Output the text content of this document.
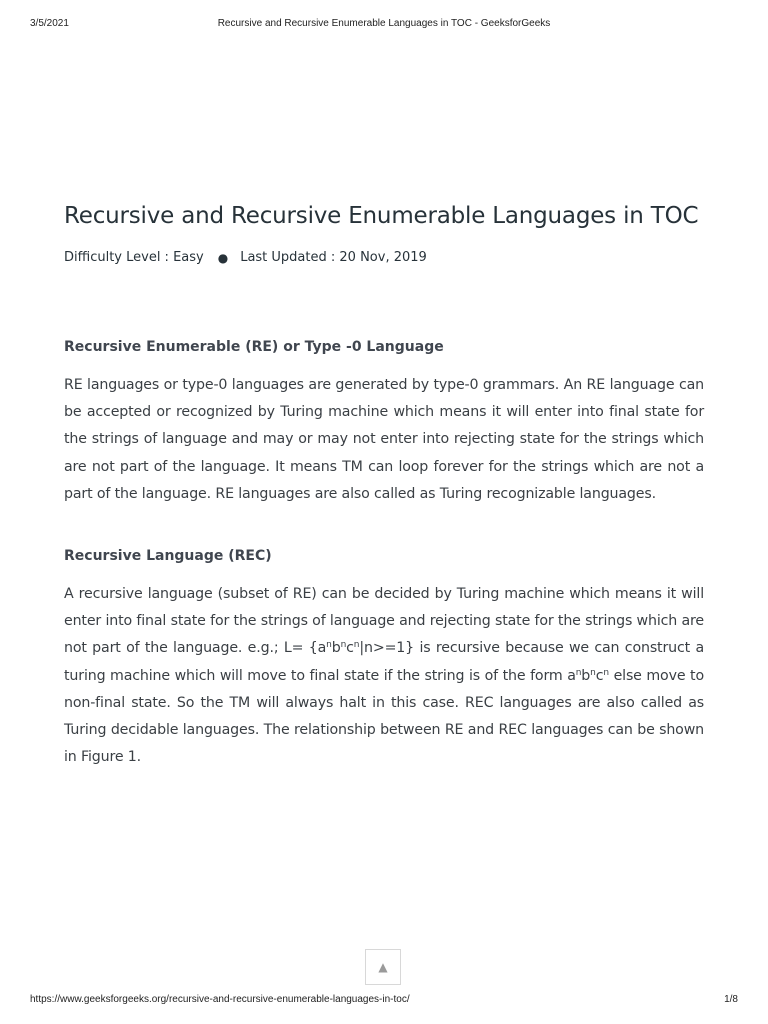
3/5/2021	Recursive and Recursive Enumerable Languages in TOC - GeeksforGeeks
Recursive and Recursive Enumerable Languages in TOC
Difficulty Level : Easy ● Last Updated : 20 Nov, 2019
Recursive Enumerable (RE) or Type -0 Language

RE languages or type-0 languages are generated by type-0 grammars. An RE language can be accepted or recognized by Turing machine which means it will enter into final state for the strings of language and may or may not enter into rejecting state for the strings which are not part of the language. It means TM can loop forever for the strings which are not a part of the language. RE languages are also called as Turing recognizable languages.

Recursive Language (REC)

A recursive language (subset of RE) can be decided by Turing machine which means it will enter into final state for the strings of language and rejecting state for the strings which are not part of the language. e.g.; $L= \{a^nb^nc^n|n>=1\}$ is recursive because we can construct a turing machine which will move to final state if the string is of the form $a^nb^nc^n$ else move to non-final state. So the TM will always halt in this case. REC languages are also called as Turing decidable languages. The relationship between RE and REC languages can be shown in Figure 1.

▲
https://www.geeksforgeeks.org/recursive-and-recursive-enumerable-languages-in-toc/	1/8
